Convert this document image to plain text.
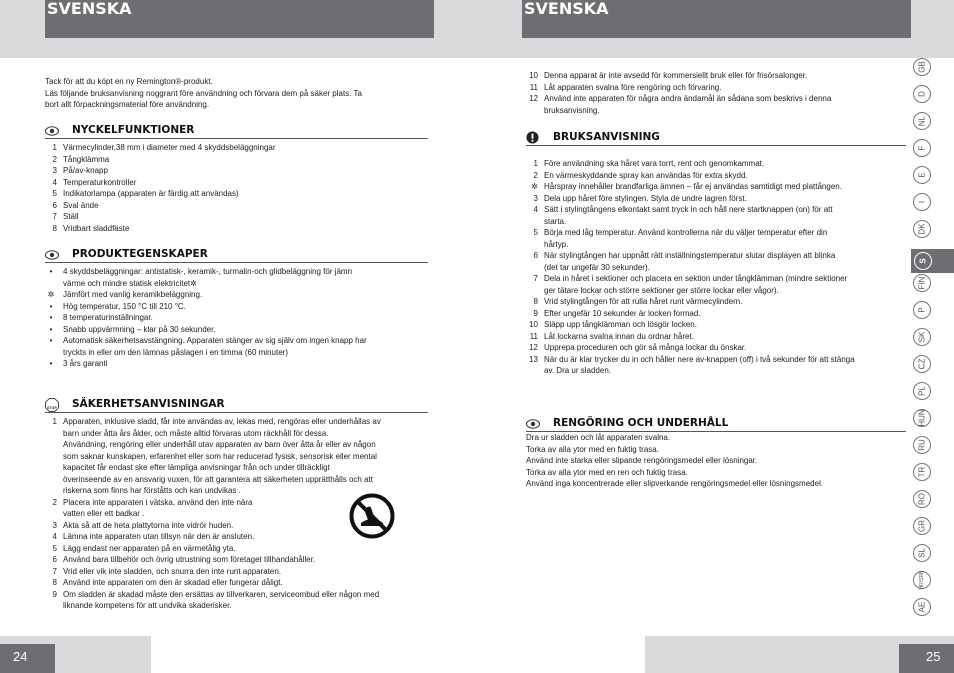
SVENSKA	SVENSKA

Tack för att du köpt en ny Remington®-produkt.

Läs följande bruksanvisning noggrant före användning och förvara dem på säker plats. Ta

bort allt förpackningsmaterial före användning.

NYCKELFUNKTIONER
1 Värmecylinder,38 mm i diameter med 4 skyddsbeläggningar
2 Tångklämma
3 På/av-knapp
4 Temperaturkontroller
5 Indikatorlampa (apparaten är färdig att användas)
6 Sval ände
7 Ställ
8 Vridbart sladdfäste
PRODUKTEGENSKAPER
•	4 skyddsbeläggningar: antistatisk-, keramik-, turmalin-och glidbeläggning för jämn
värme och mindre statisk elektricitet✲
✲	Jämfört med vanlig keramikbeläggning.
•	Hög temperatur, 150 °C till 210 °C.
•	8 temperaturinställningar.
•	Snabb uppvärmning – klar på 30 sekunder.
•	Automatisk säkerhetsavstängning. Apparaten stänger av sig själv om ingen knapp har
tryckts in eller om den lämnas påslagen i en timma (60 minuter)
•	3 års garanti
STOP SÄKERHETSANVISNINGAR
1 Apparaten, inklusive sladd, får inte användas av, lekas med, rengöras eller underhållas av
barn under åtta års ålder, och måste alltid förvaras utom räckhåll för dessa.
Användning, rengöring eller underhåll utav apparaten av barn över åtta år eller av någon
som saknar kunskapen, erfarenhet eller som har reducerad fysisk, sensorisk eller mental
kapacitet får endast ske efter lämpliga anvisningar från och under tillräckligt
överinseende av en ansvarig vuxen, för att garantera att säkerheten upprätthålls och att
riskerna som finns har förståtts och kan undvikas .
2 Placera inte apparaten i vätska, använd den inte nära
vatten eller ett badkar .
3 Akta så att de heta plattytorna inte vidrör huden.
4 Lämna inte apparaten utan tillsyn när den är ansluten.
5 Lägg endast ner apparaten på en värmetålig yta.
6 Använd bara tillbehör och övrig utrustning som företaget tillhandahåller.
7 Vrid eller vik inte sladden, och snurra den inte runt apparaten.
8 Använd inte apparaten om den är skadad eller fungerar dåligt.
9 Om sladden är skadad måste den ersättas av tillverkaren, serviceombud eller någon med
liknande kompetens för att undvika skaderisker.
10 Denna apparat är inte avsedd för kommersiellt bruk eller för frisörsalonger.
11 Låt apparaten svalna före rengöring och förvaring.
12 Använd inte apparaten för några andra ändamål än sådana som beskrivs i denna
bruksanvisning.
BRUKSANVISNING
1 Före användning ska håret vara torrt, rent och genomkammat.
2 En värmeskyddande spray kan användas för extra skydd.
✲ Hårspray innehåller brandfarliga ämnen – får ej användas samtidigt med plattången.
3 Dela upp håret före stylingen. Styla de undre lagren först.
4 Sätt i stylingtångens elkontakt samt tryck in och håll nere startknappen (on) för att
starta.
5 Börja med låg temperatur. Använd kontrollerna när du väljer temperatur efter din
hårtyp.
6 När stylingtången har uppnått rätt inställningstemperatur slutar displayen att blinka
(det tar ungefär 30 sekunder).
7 Dela in håret i sektioner och placera en sektion under tångklämman (mindre sektioner
ger tätare lockar och större sektioner ger större lockar eller vågor).
8 Vrid stylingtången för att rulla håret runt värmecylindern.
9 Efter ungefär 10 sekunder är locken formad.
10 Släpp upp tångklämman och lösgör locken.
11 Låt lockarna svalna innan du ordnar håret.
12 Upprepa proceduren och gör så många lockar du önskar.
13 När du är klar trycker du in och håller nere av-knappen (off) i två sekunder för att stänga
av. Dra ur sladden.
RENGÖRING OCH UNDERHÅLL

Dra ur sladden och låt apparaten svalna.

Torka av alla ytor med en fuktig trasa.

Använd inte starka eller slipande rengöringsmedel eller lösningar.

Torka av alla ytor med en ren och fuktig trasa.

Använd inga koncentrerade eller slipverkande rengöringsmedel eller lösningsmedel.

GB
D
NL
F
E
I
DK
FIN
P
SK
CZ
PL
HUN
RU
TR
RO
GR
SL
HR/SRB
AE
S
24	25
